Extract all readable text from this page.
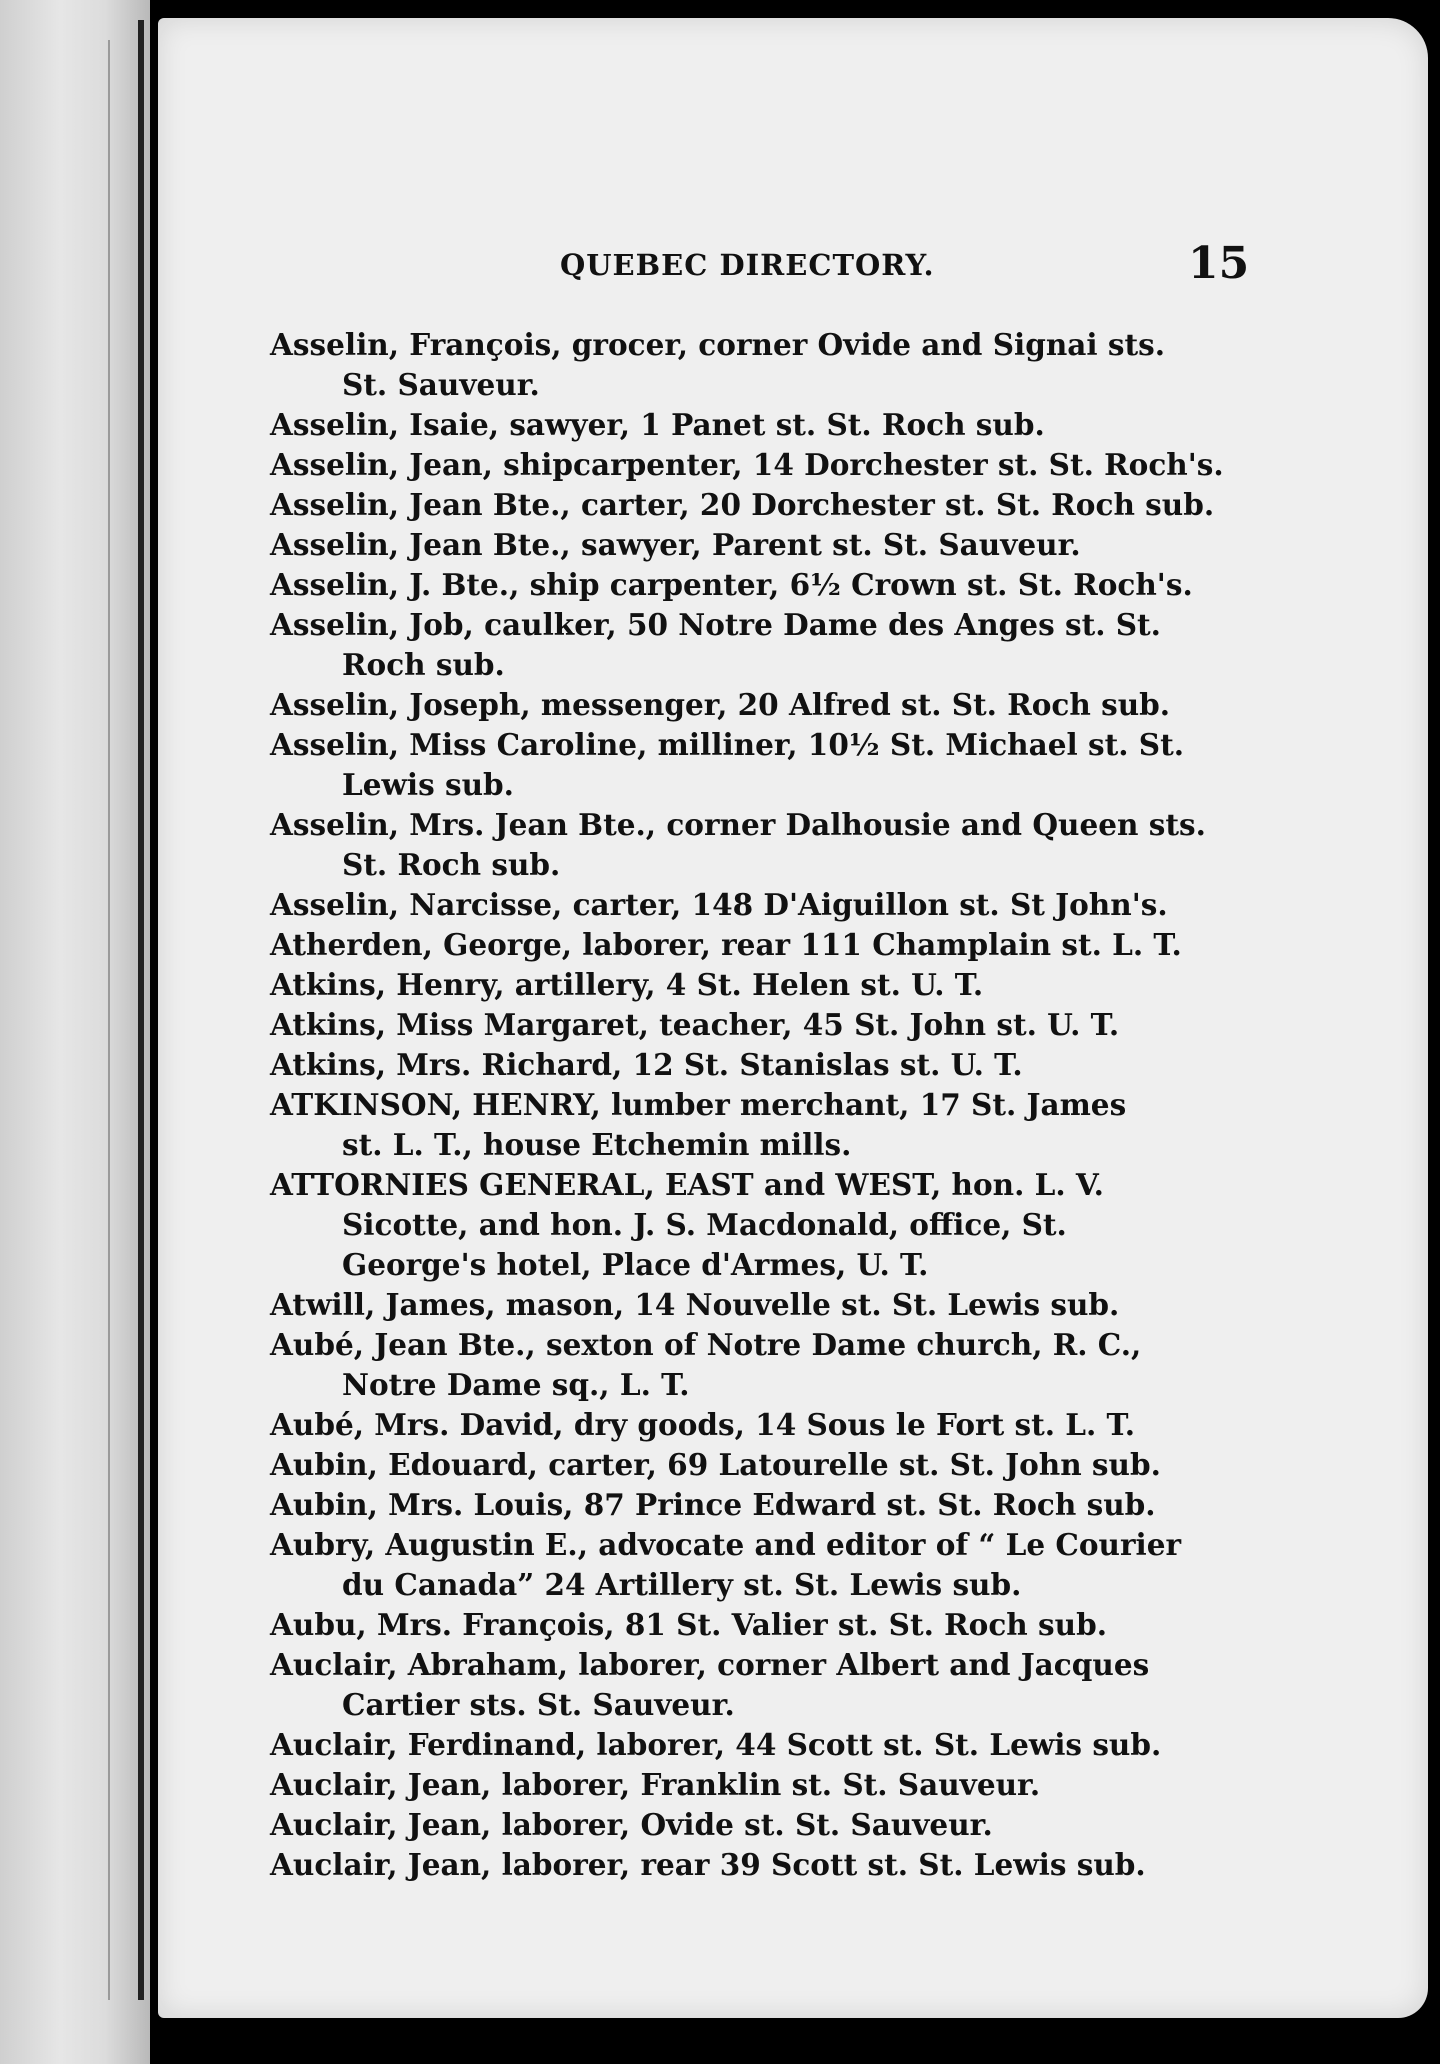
QUEBEC DIRECTORY.	15
Asselin, François, grocer, corner Ovide and Signai sts.
St. Sauveur.
Asselin, Isaie, sawyer, 1 Panet st. St. Roch sub.
Asselin, Jean, shipcarpenter, 14 Dorchester st. St. Roch's.
Asselin, Jean Bte., carter, 20 Dorchester st. St. Roch sub.
Asselin, Jean Bte., sawyer, Parent st. St. Sauveur.
Asselin, J. Bte., ship carpenter, 6½ Crown st. St. Roch's.
Asselin, Job, caulker, 50 Notre Dame des Anges st. St.
Roch sub.
Asselin, Joseph, messenger, 20 Alfred st. St. Roch sub.
Asselin, Miss Caroline, milliner, 10½ St. Michael st. St.
Lewis sub.
Asselin, Mrs. Jean Bte., corner Dalhousie and Queen sts.
St. Roch sub.
Asselin, Narcisse, carter, 148 D'Aiguillon st. St John's.
Atherden, George, laborer, rear 111 Champlain st. L. T.
Atkins, Henry, artillery, 4 St. Helen st. U. T.
Atkins, Miss Margaret, teacher, 45 St. John st. U. T.
Atkins, Mrs. Richard, 12 St. Stanislas st. U. T.
ATKINSON, HENRY, lumber merchant, 17 St. James
st. L. T., house Etchemin mills.
ATTORNIES GENERAL, EAST and WEST, hon. L. V.
Sicotte, and hon. J. S. Macdonald, office, St.
George's hotel, Place d'Armes, U. T.
Atwill, James, mason, 14 Nouvelle st. St. Lewis sub.
Aubé, Jean Bte., sexton of Notre Dame church, R. C.,
Notre Dame sq., L. T.
Aubé, Mrs. David, dry goods, 14 Sous le Fort st. L. T.
Aubin, Edouard, carter, 69 Latourelle st. St. John sub.
Aubin, Mrs. Louis, 87 Prince Edward st. St. Roch sub.
Aubry, Augustin E., advocate and editor of “ Le Courier
du Canada” 24 Artillery st. St. Lewis sub.
Aubu, Mrs. François, 81 St. Valier st. St. Roch sub.
Auclair, Abraham, laborer, corner Albert and Jacques
Cartier sts. St. Sauveur.
Auclair, Ferdinand, laborer, 44 Scott st. St. Lewis sub.
Auclair, Jean, laborer, Franklin st. St. Sauveur.
Auclair, Jean, laborer, Ovide st. St. Sauveur.
Auclair, Jean, laborer, rear 39 Scott st. St. Lewis sub.
